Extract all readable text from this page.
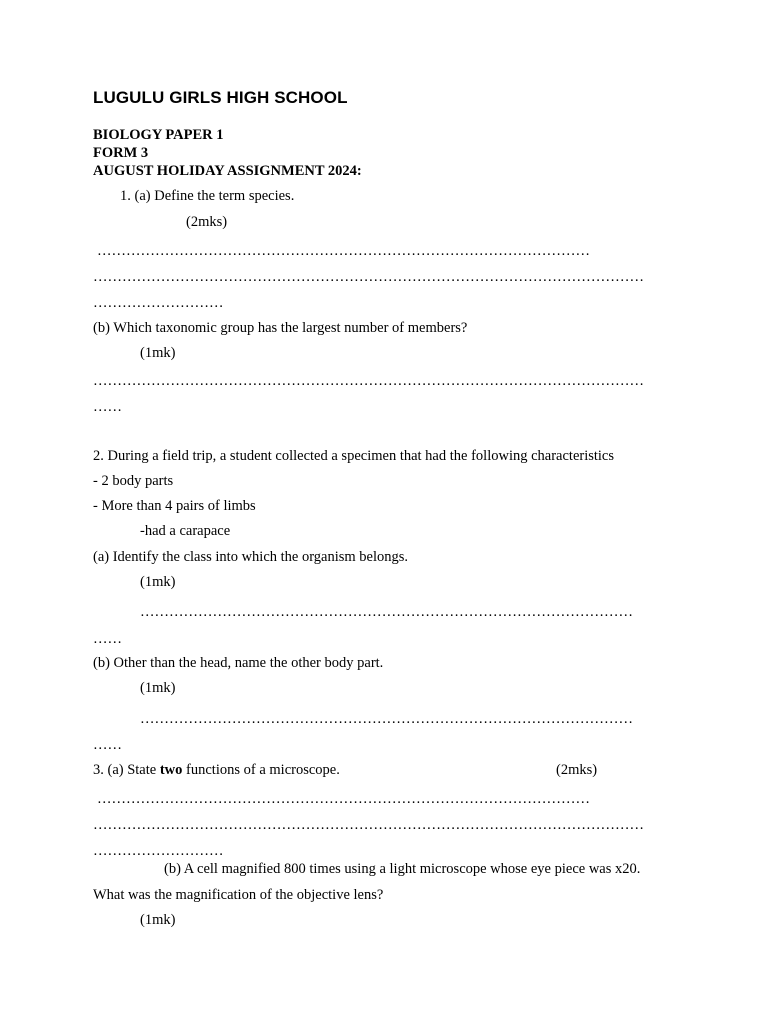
LUGULU GIRLS HIGH SCHOOL
BIOLOGY PAPER 1
FORM 3
AUGUST HOLIDAY ASSIGNMENT 2024:
1. (a) Define the term species.
(2mks)
…………………………………………………………………………………………
……………………………………………………………………………………………………
………………………
(b) Which taxonomic group has the largest number of members?
(1mk)
……………………………………………………………………………………………………
……
2. During a field trip, a student collected a specimen that had the following characteristics
- 2 body parts
- More than 4 pairs of limbs
-had a carapace
(a) Identify the class into which the organism belongs.
(1mk)
…………………………………………………………………………………………
……
(b) Other than the head, name the other body part.
(1mk)
…………………………………………………………………………………………
……
3. (a) State two functions of a microscope.	(2mks)
…………………………………………………………………………………………
……………………………………………………………………………………………………
………………………
(b) A cell magnified 800 times using a light microscope whose eye piece was x20.
What was the magnification of the objective lens?
(1mk)
